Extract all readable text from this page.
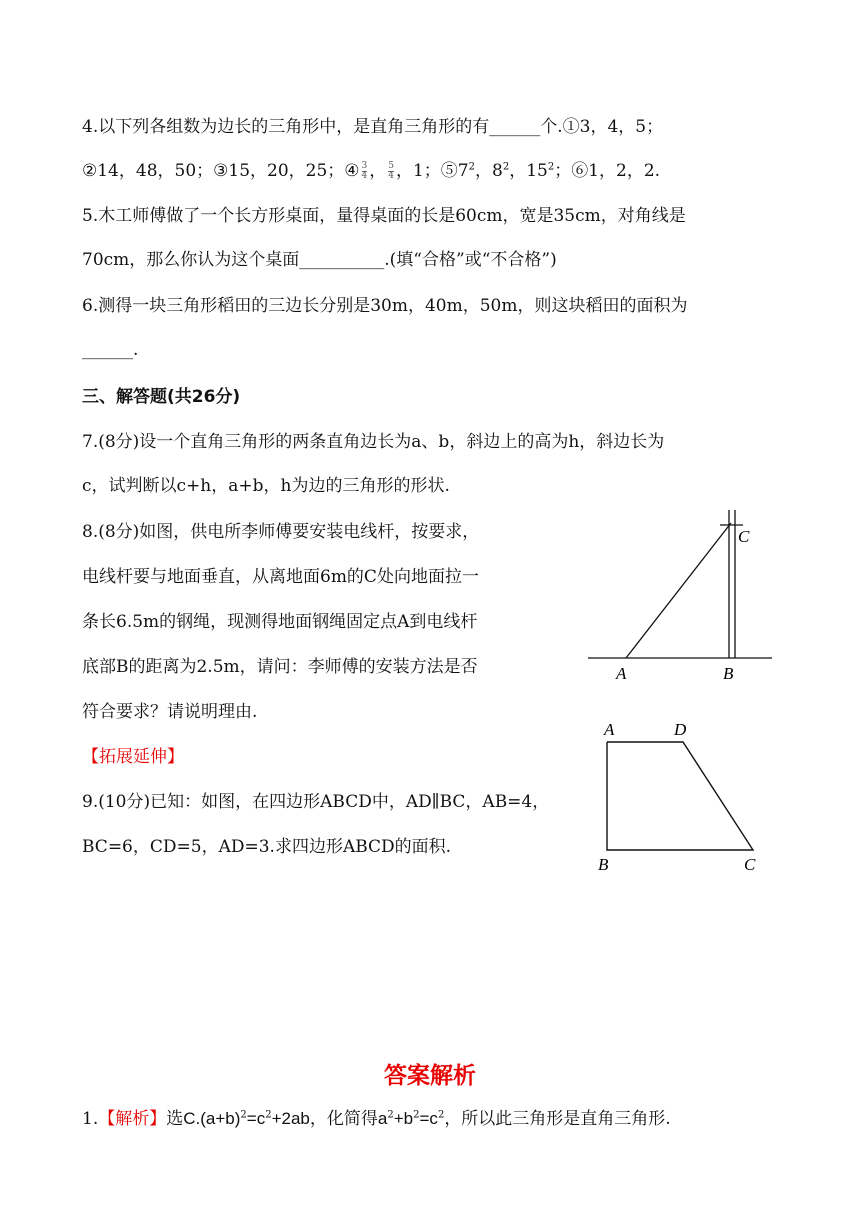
4.以下列各组数为边长的三角形中，是直角三角形的有______个.①3，4，5；
②14，48，50；③15，20，25；④ $\frac{3}{4}$ ， $\frac{5}{4}$ ，1；$⑤7^2$，$8^2$，$15^2$；⑥1，2，2.
5.木工师傅做了一个长方形桌面，量得桌面的长是60cm，宽是35cm，对角线是
70cm，那么你认为这个桌面__________.(填“合格”或“不合格”)
6.测得一块三角形稻田的三边长分别是30m，40m，50m，则这块稻田的面积为
______.
三、解答题(共26分)
7.(8分)设一个直角三角形的两条直角边长为a、b，斜边上的高为h，斜边长为
c，试判断以c+h，a+b，h为边的三角形的形状.
8.(8分)如图，供电所李师傅要安装电线杆，按要求，
电线杆要与地面垂直，从离地面6m的C处向地面拉一
条长6.5m的钢绳，现测得地面钢绳固定点A到电线杆
底部B的距离为2.5m，请问：李师傅的安装方法是否
符合要求？请说明理由.
C
A	B
【拓展延伸】
9.(10分)已知：如图，在四边形ABCD中，AD∥BC，AB=4，
BC=6，CD=5，AD=3.求四边形ABCD的面积.
A	D
B	C
答案解析
1.【解析】选$C.(a+b)^2=c^2+2ab$，化简得$a^2+b^2=c^2$，所以此三角形是直角三角形.
